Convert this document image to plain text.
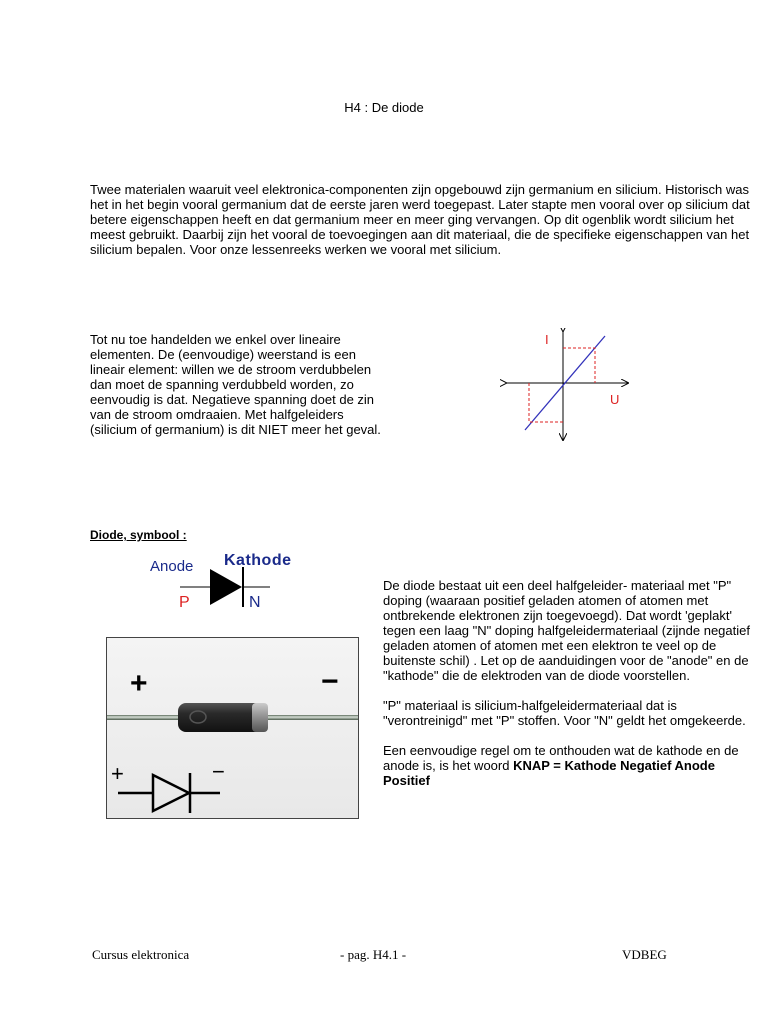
H4 : De diode

Twee materialen waaruit veel elektronica-componenten zijn opgebouwd zijn germanium en silicium. Historisch was het in het begin vooral germanium dat de eerste jaren werd toegepast. Later stapte men vooral over op silicium dat betere eigenschappen heeft en dat germanium meer en meer ging vervangen. Op dit ogenblik wordt silicium het meest gebruikt. Daarbij zijn het vooral de toevoegingen aan dit materiaal, die de specifieke eigenschappen van het silicium bepalen. Voor onze lessenreeks werken we vooral met silicium.

Tot nu toe handelden we enkel over lineaire elementen. De (eenvoudige) weerstand is een lineair element: willen we de stroom verdubbelen dan moet de spanning verdubbeld worden, zo eenvoudig is dat. Negatieve spanning doet de zin van de stroom omdraaien. Met halfgeleiders (silicium of germanium) is dit NIET meer het geval.

I
U

Diode, symbool :

Anode Kathode
P	N
+	−
+	−

De diode bestaat uit een deel halfgeleider- materiaal met "P" doping (waaraan positief geladen atomen of atomen met ontbrekende elektronen zijn toegevoegd). Dat wordt 'geplakt' tegen een laag "N" doping halfgeleidermateriaal (zijnde negatief geladen atomen of atomen met een elektron te veel op de buitenste schil) . Let op de aanduidingen voor de "anode" en de "kathode" die de elektroden van de diode voorstellen.

"P" materiaal is silicium-halfgeleidermateriaal dat is "verontreinigd" met "P" stoffen. Voor "N" geldt het omgekeerde.

Een eenvoudige regel om te onthouden wat de kathode en de anode is, is het woord KNAP = Kathode Negatief Anode Positief

Cursus elektronica	- pag. H4.1 -	VDBEG
